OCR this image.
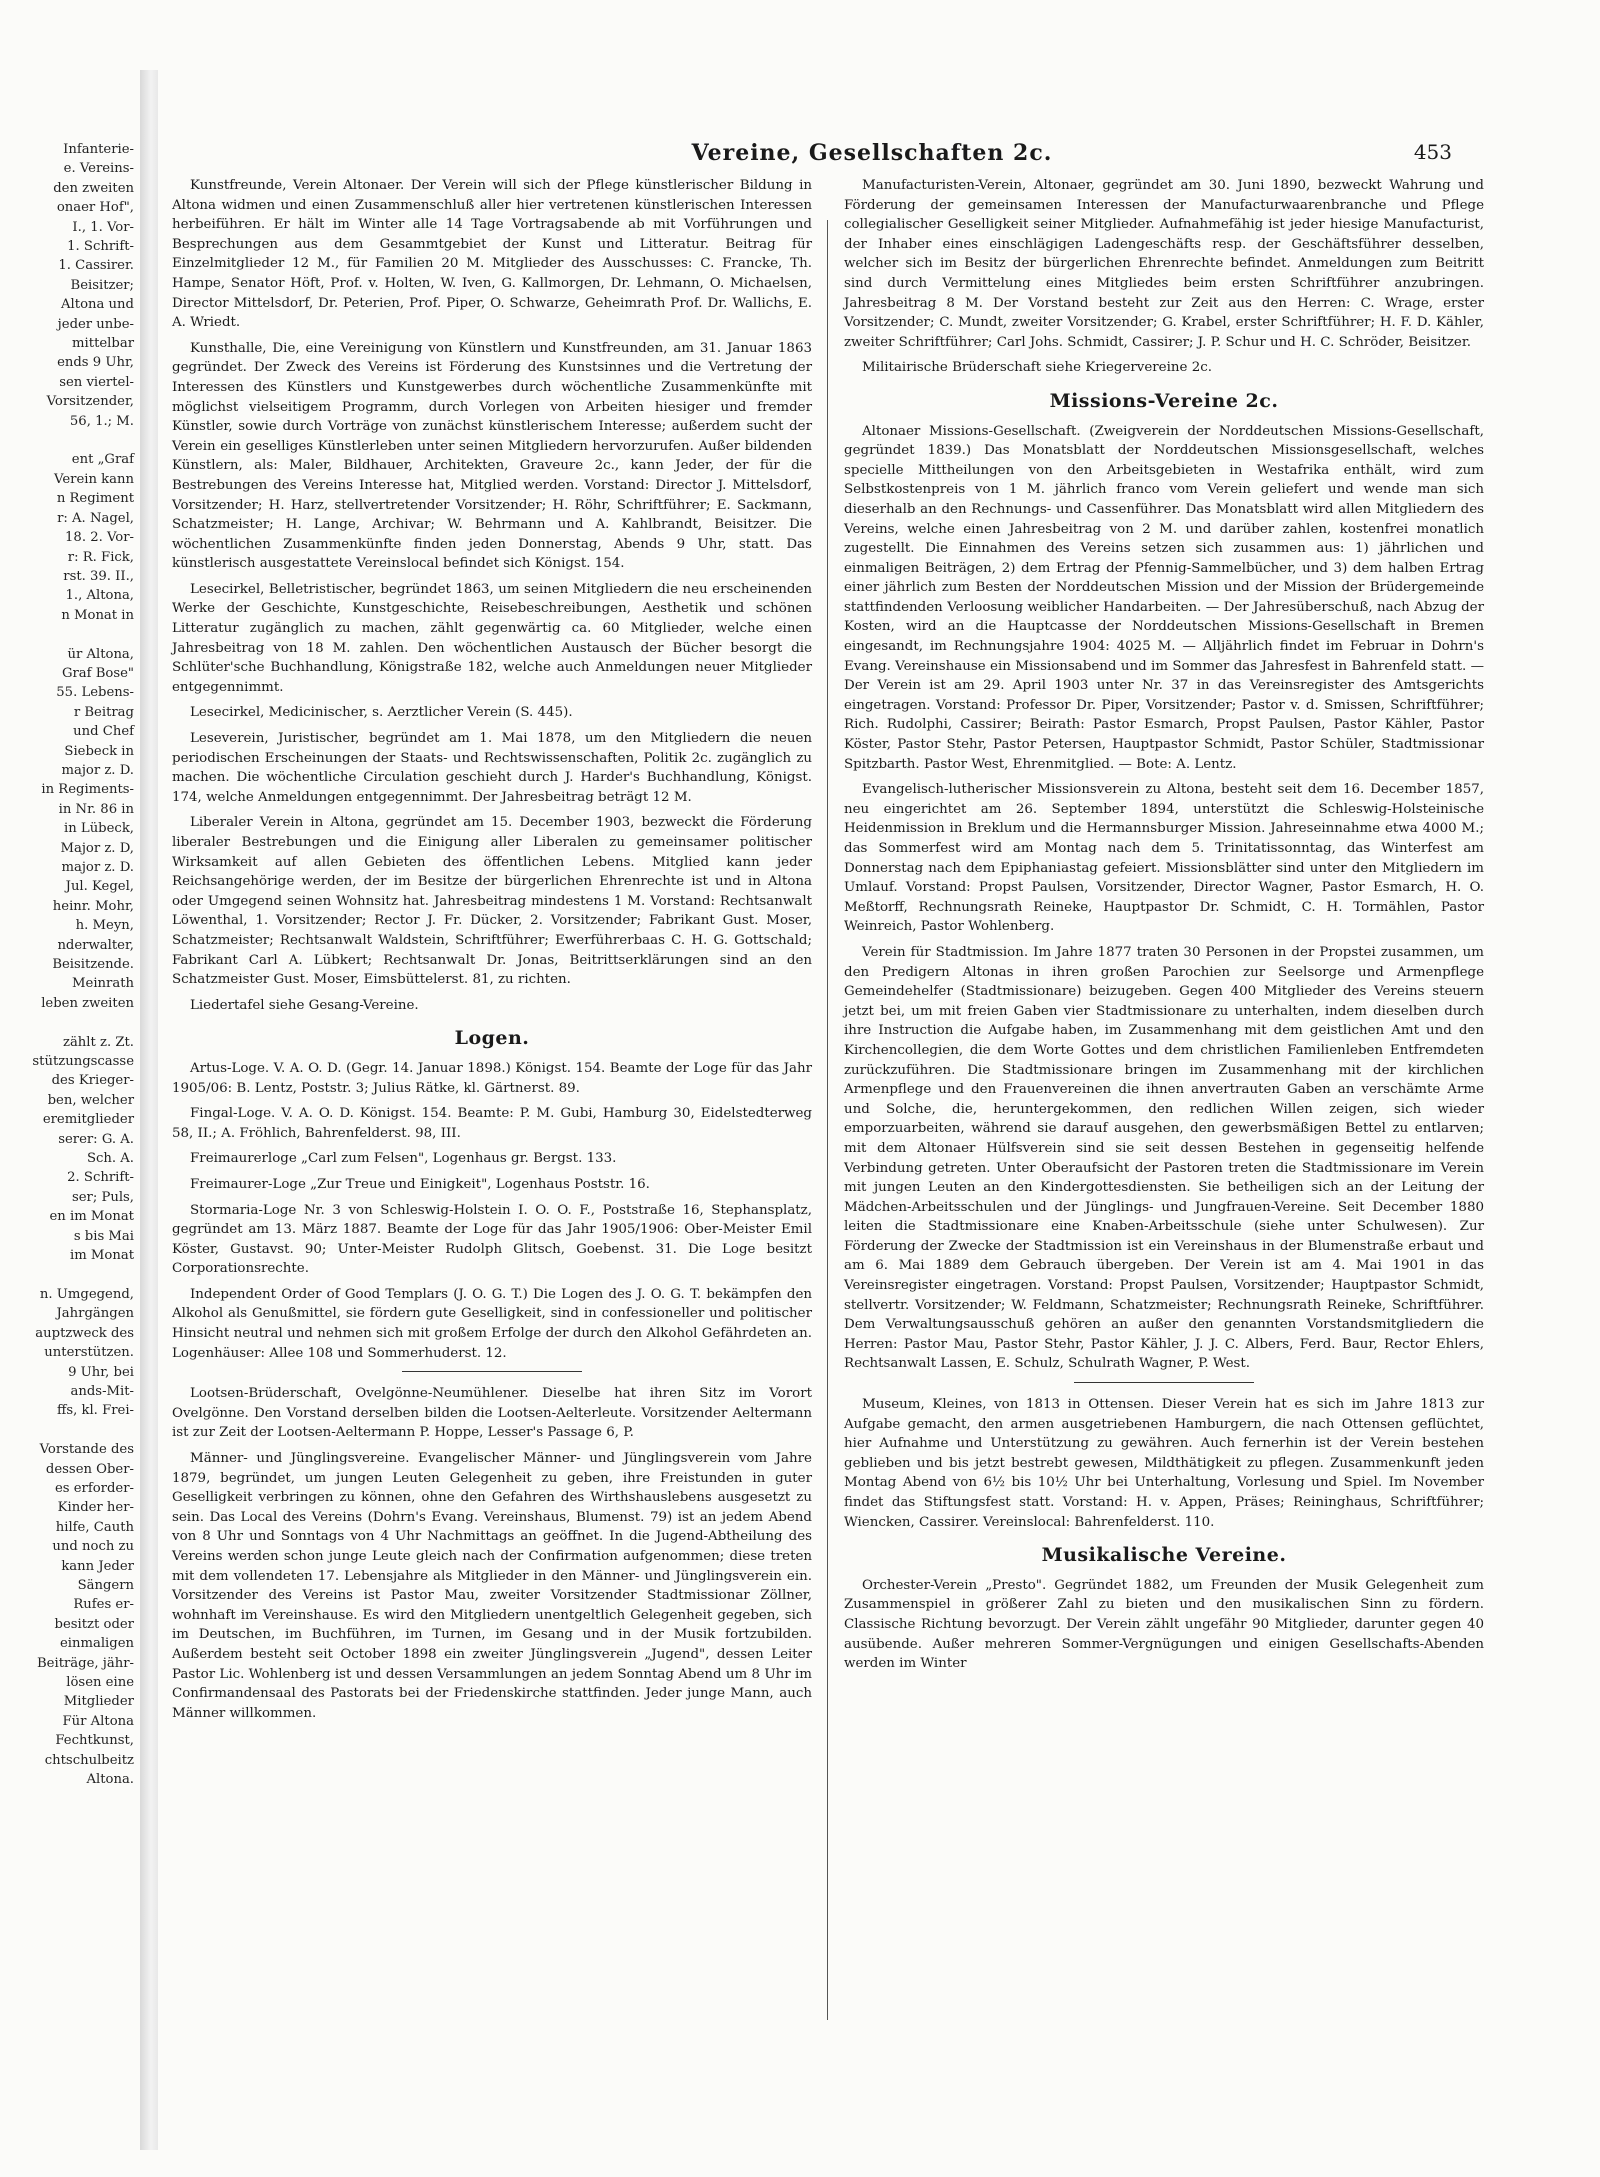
Infanterie-
e. Vereins-
den zweiten
onaer Hof",
I., 1. Vor-
1. Schrift-
1. Cassirer.
Beisitzer;
Altona und
jeder unbe-
mittelbar
ends 9 Uhr,
sen viertel-
Vorsitzender,
56, 1.; M.
ent „Graf
Verein kann
n Regiment
r: A. Nagel,
18. 2. Vor-
r: R. Fick,
rst. 39. II.,
1., Altona,
n Monat in
ür Altona,
Graf Bose"
55. Lebens-
r Beitrag
und Chef
Siebeck in
major z. D.
in Regiments-
in Nr. 86 in
in Lübeck,
Major z. D,
major z. D.
Jul. Kegel,
heinr. Mohr,
h. Meyn,
nderwalter,
Beisitzende.
Meinrath
leben zweiten
zählt z. Zt.
stützungscasse
des Krieger-
ben, welcher
eremitglieder
serer: G. A.
Sch. A.
2. Schrift-
ser; Puls,
en im Monat
s bis Mai
im Monat
n. Umgegend,
Jahrgängen
auptzweck des
unterstützen.
9 Uhr, bei
ands-Mit-
ffs, kl. Frei-
Vorstande des
dessen Ober-
es erforder-
Kinder her-
hilfe, Cauth
und noch zu
kann Jeder
Sängern
Rufes er-
besitzt oder
einmaligen
Beiträge, jähr-
lösen eine
Mitglieder
Für Altona
Fechtkunst,
chtschulbeitz
Altona.
Vereine, Gesellschaften 2c.	453

Kunstfreunde, Verein Altonaer. Der Verein will sich der Pflege künstlerischer Bildung in Altona widmen und einen Zusammenschluß aller hier vertretenen künstlerischen Interessen herbeiführen. Er hält im Winter alle 14 Tage Vortragsabende ab mit Vorführungen und Besprechungen aus dem Gesammtgebiet der Kunst und Litteratur. Beitrag für Einzelmitglieder 12 M., für Familien 20 M. Mitglieder des Ausschusses: C. Francke, Th. Hampe, Senator Höft, Prof. v. Holten, W. Iven, G. Kallmorgen, Dr. Lehmann, O. Michaelsen, Director Mittelsdorf, Dr. Peterien, Prof. Piper, O. Schwarze, Geheimrath Prof. Dr. Wallichs, E. A. Wriedt.

Kunsthalle, Die, eine Vereinigung von Künstlern und Kunstfreunden, am 31. Januar 1863 gegründet. Der Zweck des Vereins ist Förderung des Kunstsinnes und die Vertretung der Interessen des Künstlers und Kunstgewerbes durch wöchentliche Zusammenkünfte mit möglichst vielseitigem Programm, durch Vorlegen von Arbeiten hiesiger und fremder Künstler, sowie durch Vorträge von zunächst künstlerischem Interesse; außerdem sucht der Verein ein geselliges Künstlerleben unter seinen Mitgliedern hervorzurufen. Außer bildenden Künstlern, als: Maler, Bildhauer, Architekten, Graveure 2c., kann Jeder, der für die Bestrebungen des Vereins Interesse hat, Mitglied werden. Vorstand: Director J. Mittelsdorf, Vorsitzender; H. Harz, stellvertretender Vorsitzender; H. Röhr, Schriftführer; E. Sackmann, Schatzmeister; H. Lange, Archivar; W. Behrmann und A. Kahlbrandt, Beisitzer. Die wöchentlichen Zusammenkünfte finden jeden Donnerstag, Abends 9 Uhr, statt. Das künstlerisch ausgestattete Vereinslocal befindet sich Königst. 154.

Lesecirkel, Belletristischer, begründet 1863, um seinen Mitgliedern die neu erscheinenden Werke der Geschichte, Kunstgeschichte, Reisebeschreibungen, Aesthetik und schönen Litteratur zugänglich zu machen, zählt gegenwärtig ca. 60 Mitglieder, welche einen Jahresbeitrag von 18 M. zahlen. Den wöchentlichen Austausch der Bücher besorgt die Schlüter'sche Buchhandlung, Königstraße 182, welche auch Anmeldungen neuer Mitglieder entgegennimmt.

Lesecirkel, Medicinischer, s. Aerztlicher Verein (S. 445).

Leseverein, Juristischer, begründet am 1. Mai 1878, um den Mitgliedern die neuen periodischen Erscheinungen der Staats- und Rechtswissenschaften, Politik 2c. zugänglich zu machen. Die wöchentliche Circulation geschieht durch J. Harder's Buchhandlung, Königst. 174, welche Anmeldungen entgegennimmt. Der Jahresbeitrag beträgt 12 M.

Liberaler Verein in Altona, gegründet am 15. December 1903, bezweckt die Förderung liberaler Bestrebungen und die Einigung aller Liberalen zu gemeinsamer politischer Wirksamkeit auf allen Gebieten des öffentlichen Lebens. Mitglied kann jeder Reichsangehörige werden, der im Besitze der bürgerlichen Ehrenrechte ist und in Altona oder Umgegend seinen Wohnsitz hat. Jahresbeitrag mindestens 1 M. Vorstand: Rechtsanwalt Löwenthal, 1. Vorsitzender; Rector J. Fr. Dücker, 2. Vorsitzender; Fabrikant Gust. Moser, Schatzmeister; Rechtsanwalt Waldstein, Schriftführer; Ewerführerbaas C. H. G. Gottschald; Fabrikant Carl A. Lübkert; Rechtsanwalt Dr. Jonas, Beitrittserklärungen sind an den Schatzmeister Gust. Moser, Eimsbüttelerst. 81, zu richten.

Liedertafel siehe Gesang-Vereine.

Logen.

Artus-Loge. V. A. O. D. (Gegr. 14. Januar 1898.) Königst. 154. Beamte der Loge für das Jahr 1905/06: B. Lentz, Poststr. 3; Julius Rätke, kl. Gärtnerst. 89.

Fingal-Loge. V. A. O. D. Königst. 154. Beamte: P. M. Gubi, Hamburg 30, Eidelstedterweg 58, II.; A. Fröhlich, Bahrenfelderst. 98, III.

Freimaurerloge „Carl zum Felsen", Logenhaus gr. Bergst. 133.

Freimaurer-Loge „Zur Treue und Einigkeit", Logenhaus Poststr. 16.

Stormaria-Loge Nr. 3 von Schleswig-Holstein I. O. O. F., Poststraße 16, Stephansplatz, gegründet am 13. März 1887. Beamte der Loge für das Jahr 1905/1906: Ober-Meister Emil Köster, Gustavst. 90; Unter-Meister Rudolph Glitsch, Goebenst. 31. Die Loge besitzt Corporationsrechte.

Independent Order of Good Templars (J. O. G. T.) Die Logen des J. O. G. T. bekämpfen den Alkohol als Genußmittel, sie fördern gute Geselligkeit, sind in confessioneller und politischer Hinsicht neutral und nehmen sich mit großem Erfolge der durch den Alkohol Gefährdeten an. Logenhäuser: Allee 108 und Sommerhuderst. 12.

Lootsen-Brüderschaft, Ovelgönne-Neumühlener. Dieselbe hat ihren Sitz im Vorort Ovelgönne. Den Vorstand derselben bilden die Lootsen-Aelterleute. Vorsitzender Aeltermann ist zur Zeit der Lootsen-Aeltermann P. Hoppe, Lesser's Passage 6, P.

Männer- und Jünglingsvereine. Evangelischer Männer- und Jünglingsverein vom Jahre 1879, begründet, um jungen Leuten Gelegenheit zu geben, ihre Freistunden in guter Geselligkeit verbringen zu können, ohne den Gefahren des Wirthshauslebens ausgesetzt zu sein. Das Local des Vereins (Dohrn's Evang. Vereinshaus, Blumenst. 79) ist an jedem Abend von 8 Uhr und Sonntags von 4 Uhr Nachmittags an geöffnet. In die Jugend-Abtheilung des Vereins werden schon junge Leute gleich nach der Confirmation aufgenommen; diese treten mit dem vollendeten 17. Lebensjahre als Mitglieder in den Männer- und Jünglingsverein ein. Vorsitzender des Vereins ist Pastor Mau, zweiter Vorsitzender Stadtmissionar Zöllner, wohnhaft im Vereinshause. Es wird den Mitgliedern unentgeltlich Gelegenheit gegeben, sich im Deutschen, im Buchführen, im Turnen, im Gesang und in der Musik fortzubilden. Außerdem besteht seit October 1898 ein zweiter Jünglingsverein „Jugend", dessen Leiter Pastor Lic. Wohlenberg ist und dessen Versammlungen an jedem Sonntag Abend um 8 Uhr im Confirmandensaal des Pastorats bei der Friedenskirche stattfinden. Jeder junge Mann, auch Männer willkommen.

Manufacturisten-Verein, Altonaer, gegründet am 30. Juni 1890, bezweckt Wahrung und Förderung der gemeinsamen Interessen der Manufacturwaarenbranche und Pflege collegialischer Geselligkeit seiner Mitglieder. Aufnahmefähig ist jeder hiesige Manufacturist, der Inhaber eines einschlägigen Ladengeschäfts resp. der Geschäftsführer desselben, welcher sich im Besitz der bürgerlichen Ehrenrechte befindet. Anmeldungen zum Beitritt sind durch Vermittelung eines Mitgliedes beim ersten Schriftführer anzubringen. Jahresbeitrag 8 M. Der Vorstand besteht zur Zeit aus den Herren: C. Wrage, erster Vorsitzender; C. Mundt, zweiter Vorsitzender; G. Krabel, erster Schriftführer; H. F. D. Kähler, zweiter Schriftführer; Carl Johs. Schmidt, Cassirer; J. P. Schur und H. C. Schröder, Beisitzer.

Militairische Brüderschaft siehe Kriegervereine 2c.

Missions-Vereine 2c.

Altonaer Missions-Gesellschaft. (Zweigverein der Norddeutschen Missions-Gesellschaft, gegründet 1839.) Das Monatsblatt der Norddeutschen Missionsgesellschaft, welches specielle Mittheilungen von den Arbeitsgebieten in Westafrika enthält, wird zum Selbstkostenpreis von 1 M. jährlich franco vom Verein geliefert und wende man sich dieserhalb an den Rechnungs- und Cassenführer. Das Monatsblatt wird allen Mitgliedern des Vereins, welche einen Jahresbeitrag von 2 M. und darüber zahlen, kostenfrei monatlich zugestellt. Die Einnahmen des Vereins setzen sich zusammen aus: 1) jährlichen und einmaligen Beiträgen, 2) dem Ertrag der Pfennig-Sammelbücher, und 3) dem halben Ertrag einer jährlich zum Besten der Norddeutschen Mission und der Mission der Brüdergemeinde stattfindenden Verloosung weiblicher Handarbeiten. — Der Jahresüberschuß, nach Abzug der Kosten, wird an die Hauptcasse der Norddeutschen Missions-Gesellschaft in Bremen eingesandt, im Rechnungsjahre 1904: 4025 M. — Alljährlich findet im Februar in Dohrn's Evang. Vereinshause ein Missionsabend und im Sommer das Jahresfest in Bahrenfeld statt. — Der Verein ist am 29. April 1903 unter Nr. 37 in das Vereinsregister des Amtsgerichts eingetragen. Vorstand: Professor Dr. Piper, Vorsitzender; Pastor v. d. Smissen, Schriftführer; Rich. Rudolphi, Cassirer; Beirath: Pastor Esmarch, Propst Paulsen, Pastor Kähler, Pastor Köster, Pastor Stehr, Pastor Petersen, Hauptpastor Schmidt, Pastor Schüler, Stadtmissionar Spitzbarth. Pastor West, Ehrenmitglied. — Bote: A. Lentz.

Evangelisch-lutherischer Missionsverein zu Altona, besteht seit dem 16. December 1857, neu eingerichtet am 26. September 1894, unterstützt die Schleswig-Holsteinische Heidenmission in Breklum und die Hermannsburger Mission. Jahreseinnahme etwa 4000 M.; das Sommerfest wird am Montag nach dem 5. Trinitatissonntag, das Winterfest am Donnerstag nach dem Epiphaniastag gefeiert. Missionsblätter sind unter den Mitgliedern im Umlauf. Vorstand: Propst Paulsen, Vorsitzender, Director Wagner, Pastor Esmarch, H. O. Meßtorff, Rechnungsrath Reineke, Hauptpastor Dr. Schmidt, C. H. Tormählen, Pastor Weinreich, Pastor Wohlenberg.

Verein für Stadtmission. Im Jahre 1877 traten 30 Personen in der Propstei zusammen, um den Predigern Altonas in ihren großen Parochien zur Seelsorge und Armenpflege Gemeindehelfer (Stadtmissionare) beizugeben. Gegen 400 Mitglieder des Vereins steuern jetzt bei, um mit freien Gaben vier Stadtmissionare zu unterhalten, indem dieselben durch ihre Instruction die Aufgabe haben, im Zusammenhang mit dem geistlichen Amt und den Kirchencollegien, die dem Worte Gottes und dem christlichen Familienleben Entfremdeten zurückzuführen. Die Stadtmissionare bringen im Zusammenhang mit der kirchlichen Armenpflege und den Frauenvereinen die ihnen anvertrauten Gaben an verschämte Arme und Solche, die, heruntergekommen, den redlichen Willen zeigen, sich wieder emporzuarbeiten, während sie darauf ausgehen, den gewerbsmäßigen Bettel zu entlarven; mit dem Altonaer Hülfsverein sind sie seit dessen Bestehen in gegenseitig helfende Verbindung getreten. Unter Oberaufsicht der Pastoren treten die Stadtmissionare im Verein mit jungen Leuten an den Kindergottesdiensten. Sie betheiligen sich an der Leitung der Mädchen-Arbeitsschulen und der Jünglings- und Jungfrauen-Vereine. Seit December 1880 leiten die Stadtmissionare eine Knaben-Arbeitsschule (siehe unter Schulwesen). Zur Förderung der Zwecke der Stadtmission ist ein Vereinshaus in der Blumenstraße erbaut und am 6. Mai 1889 dem Gebrauch übergeben. Der Verein ist am 4. Mai 1901 in das Vereinsregister eingetragen. Vorstand: Propst Paulsen, Vorsitzender; Hauptpastor Schmidt, stellvertr. Vorsitzender; W. Feldmann, Schatzmeister; Rechnungsrath Reineke, Schriftführer. Dem Verwaltungsausschuß gehören an außer den genannten Vorstandsmitgliedern die Herren: Pastor Mau, Pastor Stehr, Pastor Kähler, J. J. C. Albers, Ferd. Baur, Rector Ehlers, Rechtsanwalt Lassen, E. Schulz, Schulrath Wagner, P. West.

Museum, Kleines, von 1813 in Ottensen. Dieser Verein hat es sich im Jahre 1813 zur Aufgabe gemacht, den armen ausgetriebenen Hamburgern, die nach Ottensen geflüchtet, hier Aufnahme und Unterstützung zu gewähren. Auch fernerhin ist der Verein bestehen geblieben und bis jetzt bestrebt gewesen, Mildthätigkeit zu pflegen. Zusammenkunft jeden Montag Abend von 6½ bis 10½ Uhr bei Unterhaltung, Vorlesung und Spiel. Im November findet das Stiftungsfest statt. Vorstand: H. v. Appen, Präses; Reininghaus, Schriftführer; Wiencken, Cassirer. Vereinslocal: Bahrenfelderst. 110.

Musikalische Vereine.

Orchester-Verein „Presto". Gegründet 1882, um Freunden der Musik Gelegenheit zum Zusammenspiel in größerer Zahl zu bieten und den musikalischen Sinn zu fördern. Classische Richtung bevorzugt. Der Verein zählt ungefähr 90 Mitglieder, darunter gegen 40 ausübende. Außer mehreren Sommer-Vergnügungen und einigen Gesellschafts-Abenden werden im Winter
